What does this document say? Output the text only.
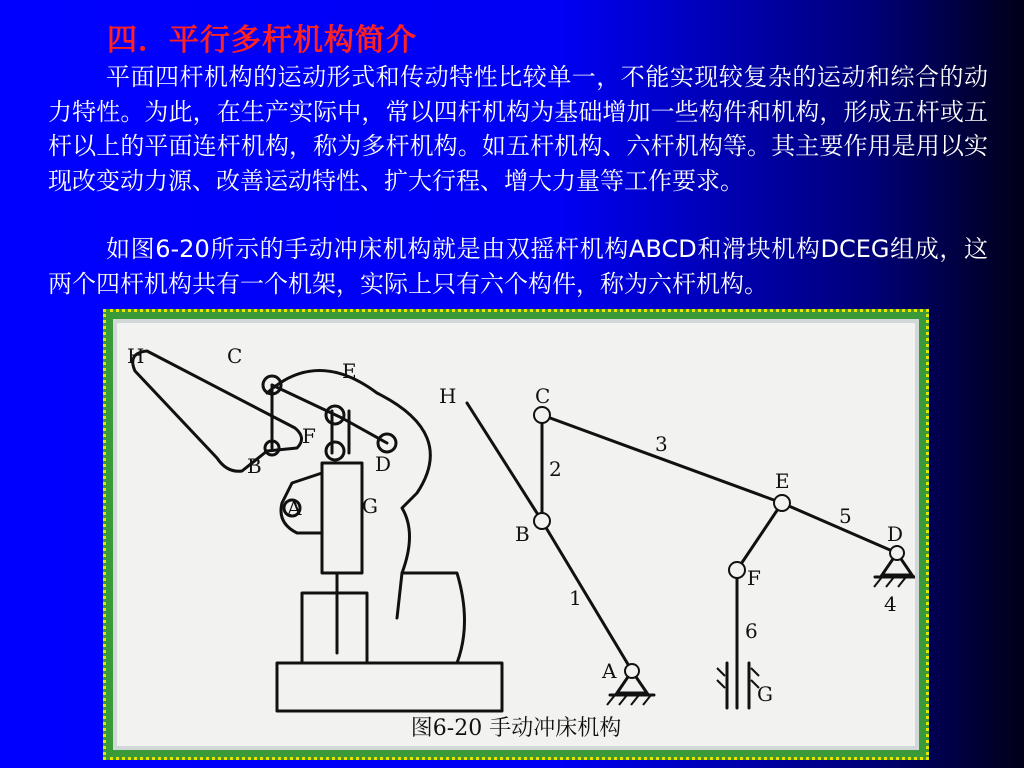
四．平行多杆机构简介
平面四杆机构的运动形式和传动特性比较单一，不能实现较复杂的运动和综合的动力特性。为此，在生产实际中，常以四杆机构为基础增加一些构件和机构，形成五杆或五杆以上的平面连杆机构，称为多杆机构。如五杆机构、六杆机构等。其主要作用是用以实现改变动力源、改善运动特性、扩大行程、增大力量等工作要求。
如图6-20所示的手动冲床机构就是由双摇杆机构ABCD和滑块机构DCEG组成，这两个四杆机构共有一个机架，实际上只有六个构件，称为六杆机构。
H	C
E
F
B	D
A	G
H	C
B
E
F
D
A
G
1
2
3
4
5
6
图6-20 手动冲床机构
